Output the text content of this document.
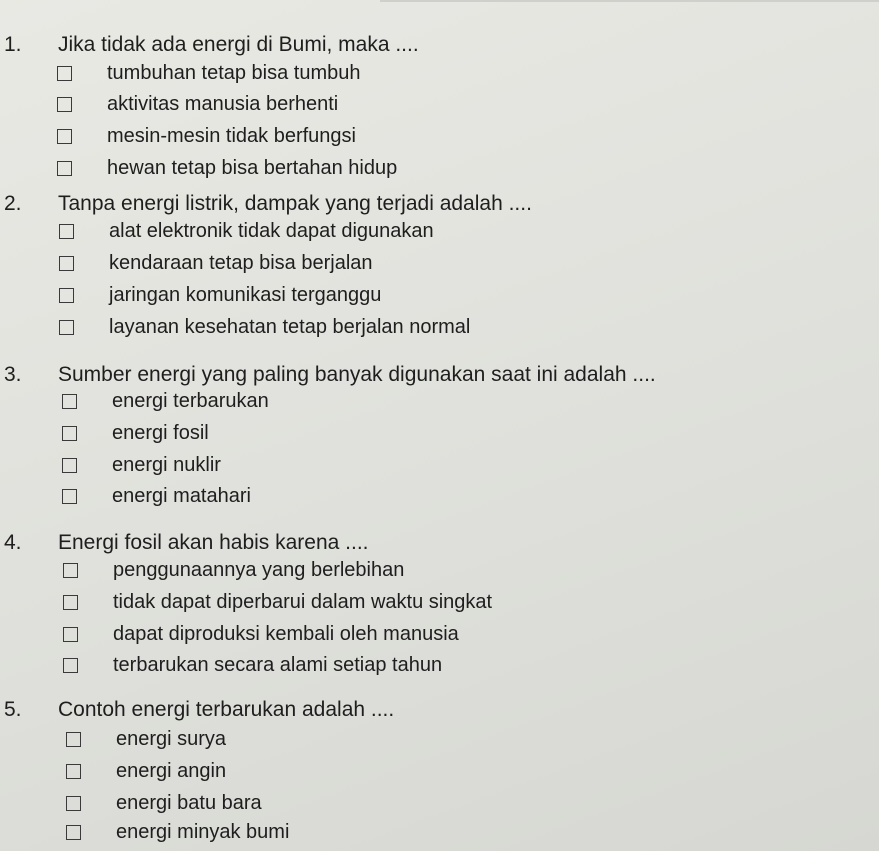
1. Jika tidak ada energi di Bumi, maka ....
tumbuhan tetap bisa tumbuh
aktivitas manusia berhenti
mesin-mesin tidak berfungsi
hewan tetap bisa bertahan hidup
2. Tanpa energi listrik, dampak yang terjadi adalah ....
alat elektronik tidak dapat digunakan
kendaraan tetap bisa berjalan
jaringan komunikasi terganggu
layanan kesehatan tetap berjalan normal
3. Sumber energi yang paling banyak digunakan saat ini adalah ....
energi terbarukan
energi fosil
energi nuklir
energi matahari
4. Energi fosil akan habis karena ....
penggunaannya yang berlebihan
tidak dapat diperbarui dalam waktu singkat
dapat diproduksi kembali oleh manusia
terbarukan secara alami setiap tahun
5. Contoh energi terbarukan adalah ....
energi surya
energi angin
energi batu bara
energi minyak bumi
